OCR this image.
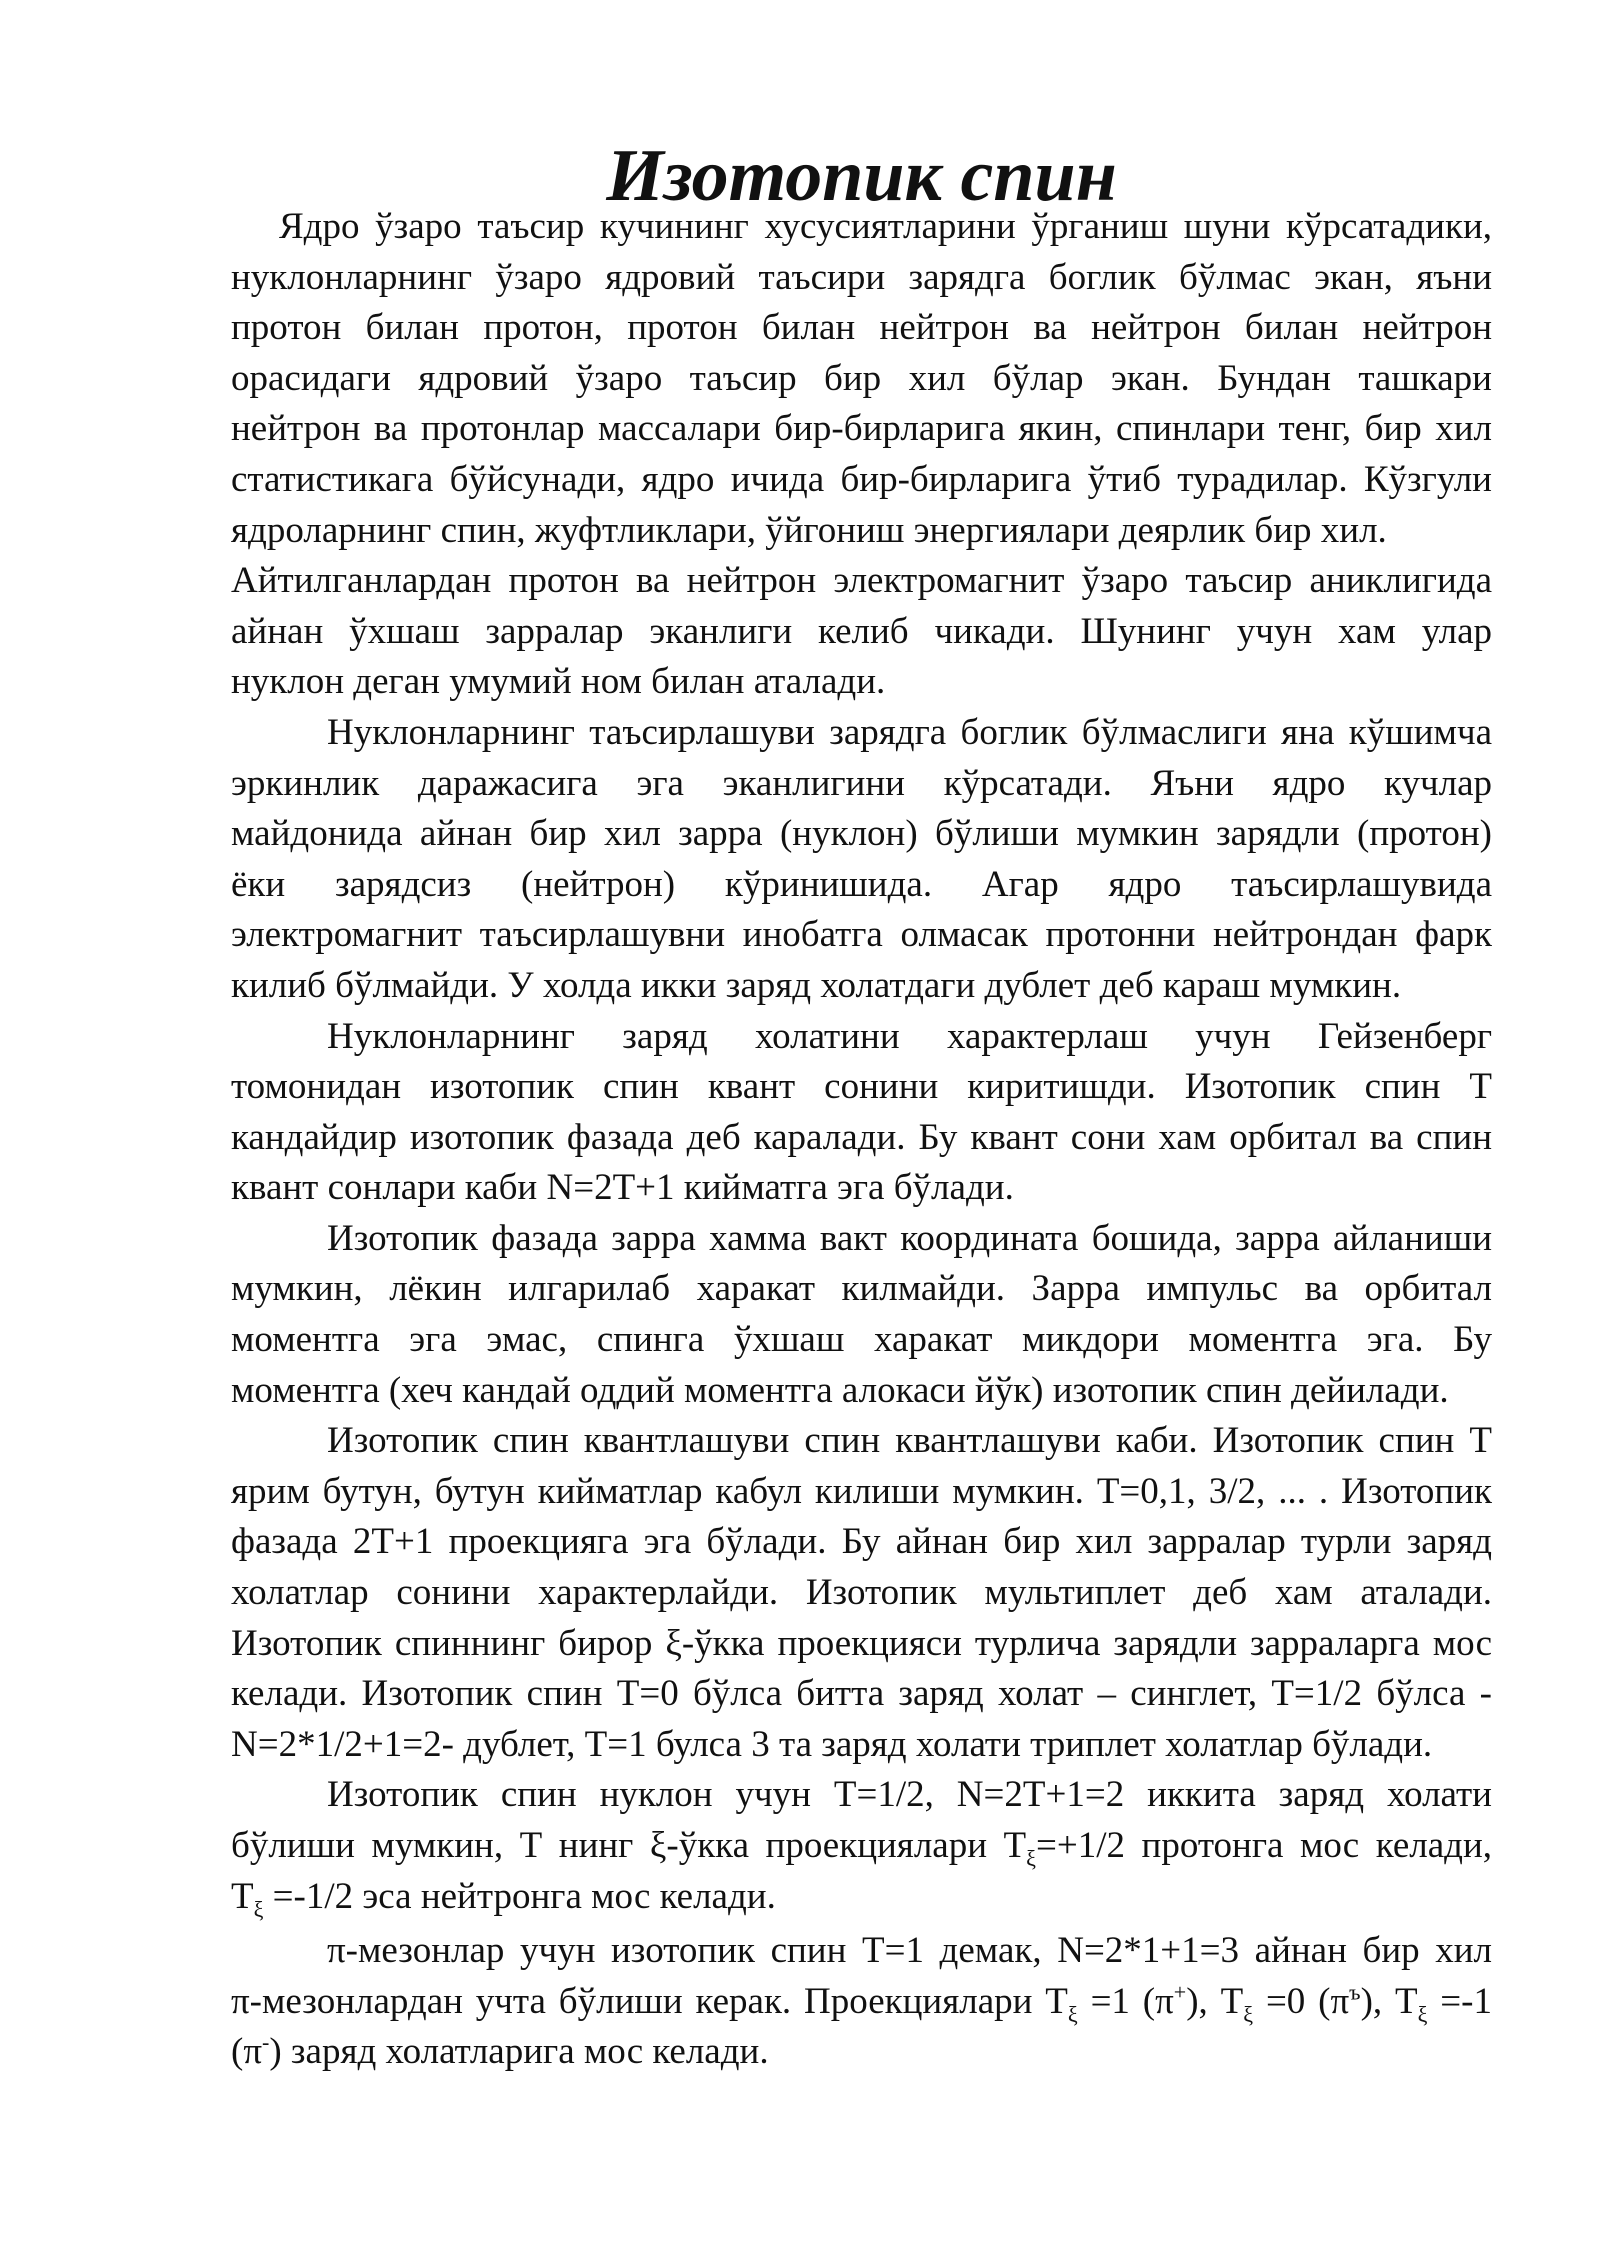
Изотопик спин
Ядро ўзаро таъсир кучининг хусусиятларини ўрганиш шуни кўрсатадики,
нуклонларнинг ўзаро ядровий таъсири зарядга боглик бўлмас экан, яъни
протон билан протон, протон билан нейтрон ва нейтрон билан нейтрон
орасидаги ядровий ўзаро таъсир бир хил бўлар экан. Бундан ташкари
нейтрон ва протонлар массалари бир-бирларига якин, спинлари тенг, бир хил
статистикага бўйсунади, ядро ичида бир-бирларига ўтиб турадилар. Кўзгули
ядроларнинг спин, жуфтликлари, ўйгониш энергиялари деярлик бир хил.
Айтилганлардан протон ва нейтрон электромагнит ўзаро таъсир аниклигида
айнан ўхшаш зарралар эканлиги келиб чикади. Шунинг учун хам улар
нуклон деган умумий ном билан аталади.
Нуклонларнинг таъсирлашуви зарядга боглик бўлмаслиги яна кўшимча
эркинлик даражасига эга эканлигини кўрсатади. Яъни ядро кучлар
майдонида айнан бир хил зарра (нуклон) бўлиши мумкин зарядли (протон)
ёки зарядсиз (нейтрон) кўринишида. Агар ядро таъсирлашувида
электромагнит таъсирлашувни инобатга олмасак протонни нейтрондан фарк
килиб бўлмайди. У холда икки заряд холатдаги дублет деб караш мумкин.
Нуклонларнинг заряд холатини характерлаш учун Гейзенберг
томонидан изотопик спин квант сонини киритишди. Изотопик спин Т
кандайдир изотопик фазада деб каралади. Бу квант сони хам орбитал ва спин
квант сонлари каби N=2T+1 кийматга эга бўлади.
Изотопик фазада зарра хамма вакт координата бошида, зарра айланиши
мумкин, лёкин илгарилаб харакат килмайди. Зарра импульс ва орбитал
моментга эга эмас, спинга ўхшаш харакат микдори моментга эга. Бу
моментга (хеч кандай оддий моментга алокаси йўк) изотопик спин дейилади.
Изотопик спин квантлашуви спин квантлашуви каби. Изотопик спин Т
ярим бутун, бутун кийматлар кабул килиши мумкин. Т=0,1, 3/2, ... . Изотопик
фазада 2Т+1 проекцияга эга бўлади. Бу айнан бир хил зарралар турли заряд
холатлар сонини характерлайди. Изотопик мультиплет деб хам аталади.
Изотопик спиннинг бирор ξ-ўкка проекцияси турлича зарядли зарраларга мос
келади. Изотопик спин Т=0 бўлса битта заряд холат – синглет, Т=1/2 бўлса -
N=2*1/2+1=2- дублет, Т=1 булса 3 та заряд холати триплет холатлар бўлади.
Изотопик спин нуклон учун Т=1/2, N=2T+1=2 иккита заряд холати
бўлиши мумкин, Т нинг ξ-ўкка проекциялари $Т_\xi=+1/2$ протонга мос келади,
$Т_\xi =-1/2$ эса нейтронга мос келади.
π-мезонлар учун изотопик спин Т=1 демак, N=2*1+1=3 айнан бир хил
π-мезонлардан учта бўлиши керак. Проекциялари $Т_\xi =1$ (π+), $Т_\xi =0$ $(\pi^ъ)$, $Т_\xi =-1$
(π-) заряд холатларига мос келади.
